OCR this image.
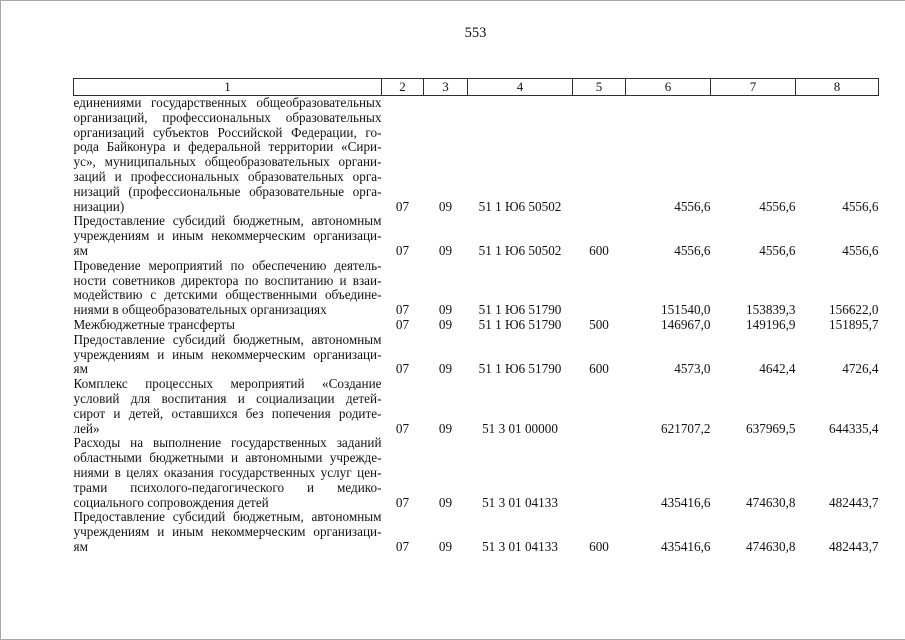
553
1	2	3	4	5	6	7	8

единениями государственных общеобразовательных
организаций, профессиональных образовательных
организаций субъектов Российской Федерации, го-
рода Байконура и федеральной территории «Сири-
ус», муниципальных общеобразовательных органи-
заций и профессиональных образовательных орга-
низаций (профессиональные образовательные орга-
низации)	07	09	51 1 Ю6 50502		4556,6	4556,6	4556,6

Предоставление субсидий бюджетным, автономным
учреждениям и иным некоммерческим организаци-
ям	07	09	51 1 Ю6 50502	600	4556,6	4556,6	4556,6

Проведение мероприятий по обеспечению деятель-
ности советников директора по воспитанию и взаи-
модействию с детскими общественными объедине-
ниями в общеобразовательных организациях	07	09	51 1 Ю6 51790		151540,0	153839,3	156622,0

Межбюджетные трансферты	07	09	51 1 Ю6 51790	500	146967,0	149196,9	151895,7

Предоставление субсидий бюджетным, автономным
учреждениям и иным некоммерческим организаци-
ям	07	09	51 1 Ю6 51790	600	4573,0	4642,4	4726,4

Комплекс процессных мероприятий «Создание
условий для воспитания и социализации детей-
сирот и детей, оставшихся без попечения родите-
лей»	07	09	51 3 01 00000		621707,2	637969,5	644335,4

Расходы на выполнение государственных заданий
областными бюджетными и автономными учрежде-
ниями в целях оказания государственных услуг цен-
трами психолого-педагогического и медико-
социального сопровождения детей	07	09	51 3 01 04133		435416,6	474630,8	482443,7

Предоставление субсидий бюджетным, автономным
учреждениям и иным некоммерческим организаци-
ям	07	09	51 3 01 04133	600	435416,6	474630,8	482443,7
